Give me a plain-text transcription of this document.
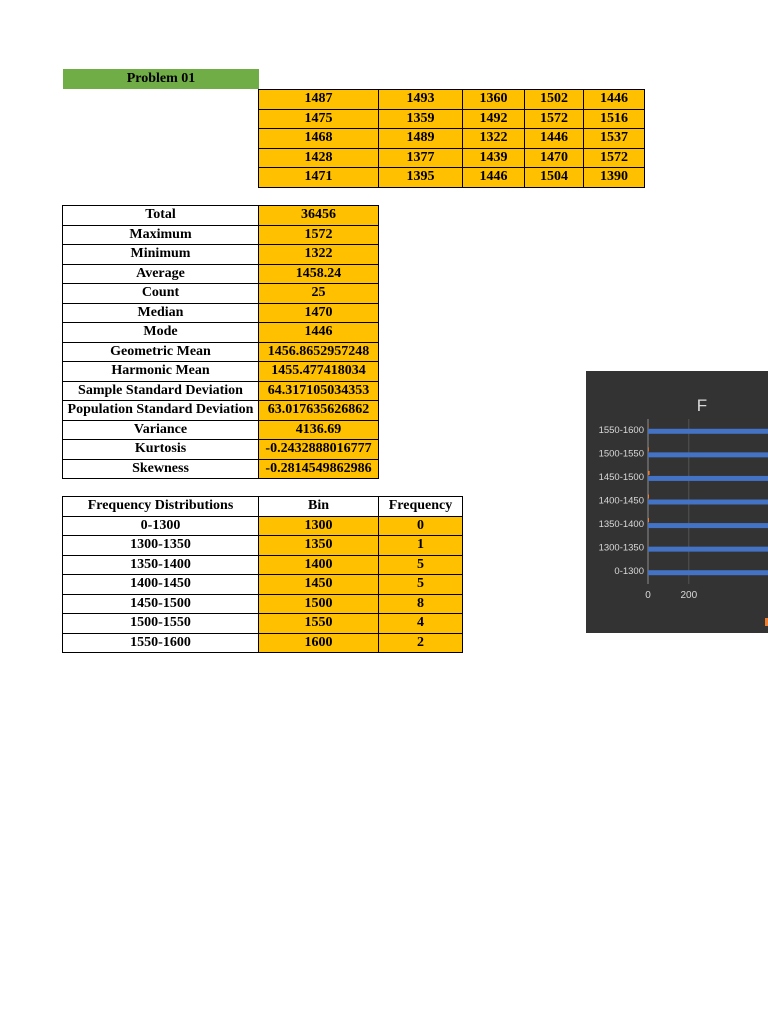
Problem 01
1487	1493	1360	1502	1446
1475	1359	1492	1572	1516
1468	1489	1322	1446	1537
1428	1377	1439	1470	1572
1471	1395	1446	1504	1390
Total	36456
Maximum	1572
Minimum	1322
Average	1458.24
Count	25
Median	1470
Mode	1446
Geometric Mean	1456.8652957248
Harmonic Mean	1455.477418034
Sample Standard Deviation	64.317105034353
Population Standard Deviation	63.017635626862
Variance	4136.69
Kurtosis	-0.2432888016777
Skewness	-0.2814549862986
Frequency Distributions	Bin	Frequency
0-1300	1300	0
1300-1350	1350	1
1350-1400	1400	5
1400-1450	1450	5
1450-1500	1500	8
1500-1550	1550	4
1550-1600	1600	2
F
0	200
0-1300
1300-1350
1350-1400
1400-1450
1450-1500
1500-1550
1550-1600
